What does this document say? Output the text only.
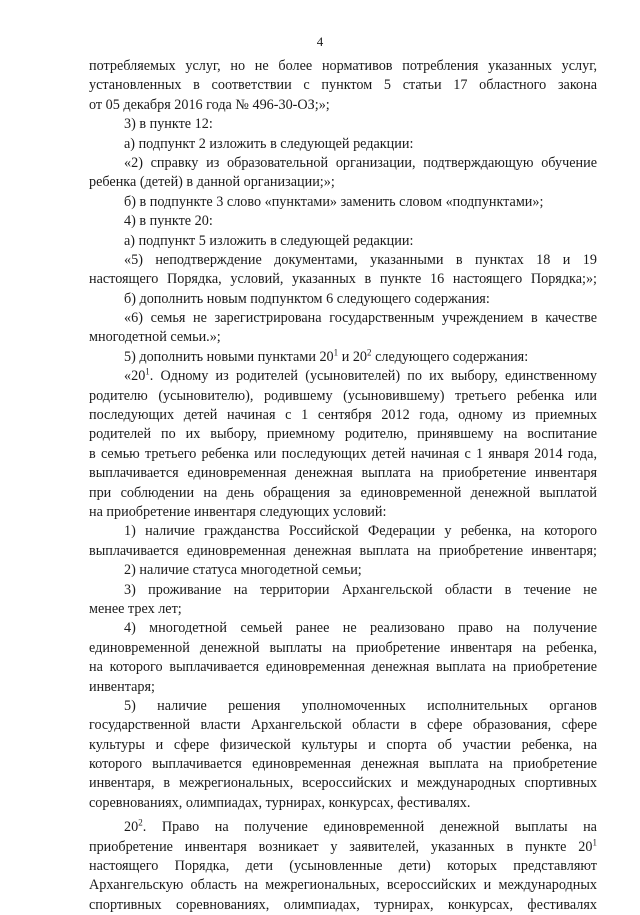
4
потребляемых услуг, но не более нормативов потребления указанных услуг,
установленных в соответствии с пунктом 5 статьи 17 областного закона
от 05 декабря 2016 года № 496-30-ОЗ;»;
3) в пункте 12:
а) подпункт 2 изложить в следующей редакции:
«2) справку из образовательной организации, подтверждающую обучение
ребенка (детей) в данной организации;»;
б) в подпункте 3 слово «пунктами» заменить словом «подпунктами»;
4) в пункте 20:
а) подпункт 5 изложить в следующей редакции:
«5) неподтверждение документами, указанными в пунктах 18 и 19
настоящего Порядка, условий, указанных в пункте 16 настоящего Порядка;»;
б) дополнить новым подпунктом 6 следующего содержания:
«6) семья не зарегистрирована государственным учреждением в качестве
многодетной семьи.»;
5) дополнить новыми пунктами $20^1$ и $20^2$ следующего содержания:
«$20^1$. Одному из родителей (усыновителей) по их выбору, единственному
родителю (усыновителю), родившему (усыновившему) третьего ребенка или
последующих детей начиная с 1 сентября 2012 года, одному из приемных
родителей по их выбору, приемному родителю, принявшему на воспитание
в семью третьего ребенка или последующих детей начиная с 1 января 2014 года,
выплачивается единовременная денежная выплата на приобретение инвентаря
при соблюдении на день обращения за единовременной денежной выплатой
на приобретение инвентаря следующих условий:
1) наличие гражданства Российской Федерации у ребенка, на которого
выплачивается единовременная денежная выплата на приобретение инвентаря;
2) наличие статуса многодетной семьи;
3) проживание на территории Архангельской области в течение не
менее трех лет;
4) многодетной семьей ранее не реализовано право на получение
единовременной денежной выплаты на приобретение инвентаря на ребенка,
на которого выплачивается единовременная денежная выплата на приобретение
инвентаря;
5) наличие решения уполномоченных исполнительных органов
государственной власти Архангельской области в сфере образования, сфере
культуры и сфере физической культуры и спорта об участии ребенка, на
которого выплачивается единовременная денежная выплата на приобретение
инвентаря, в межрегиональных, всероссийских и международных спортивных
соревнованиях, олимпиадах, турнирах, конкурсах, фестивалях.
$20^2$. Право на получение единовременной денежной выплаты на
приобретение инвентаря возникает у заявителей, указанных в пункте $20^1$
настоящего Порядка, дети (усыновленные дети) которых представляют
Архангельскую область на межрегиональных, всероссийских и международных
спортивных соревнованиях, олимпиадах, турнирах, конкурсах, фестивалях
